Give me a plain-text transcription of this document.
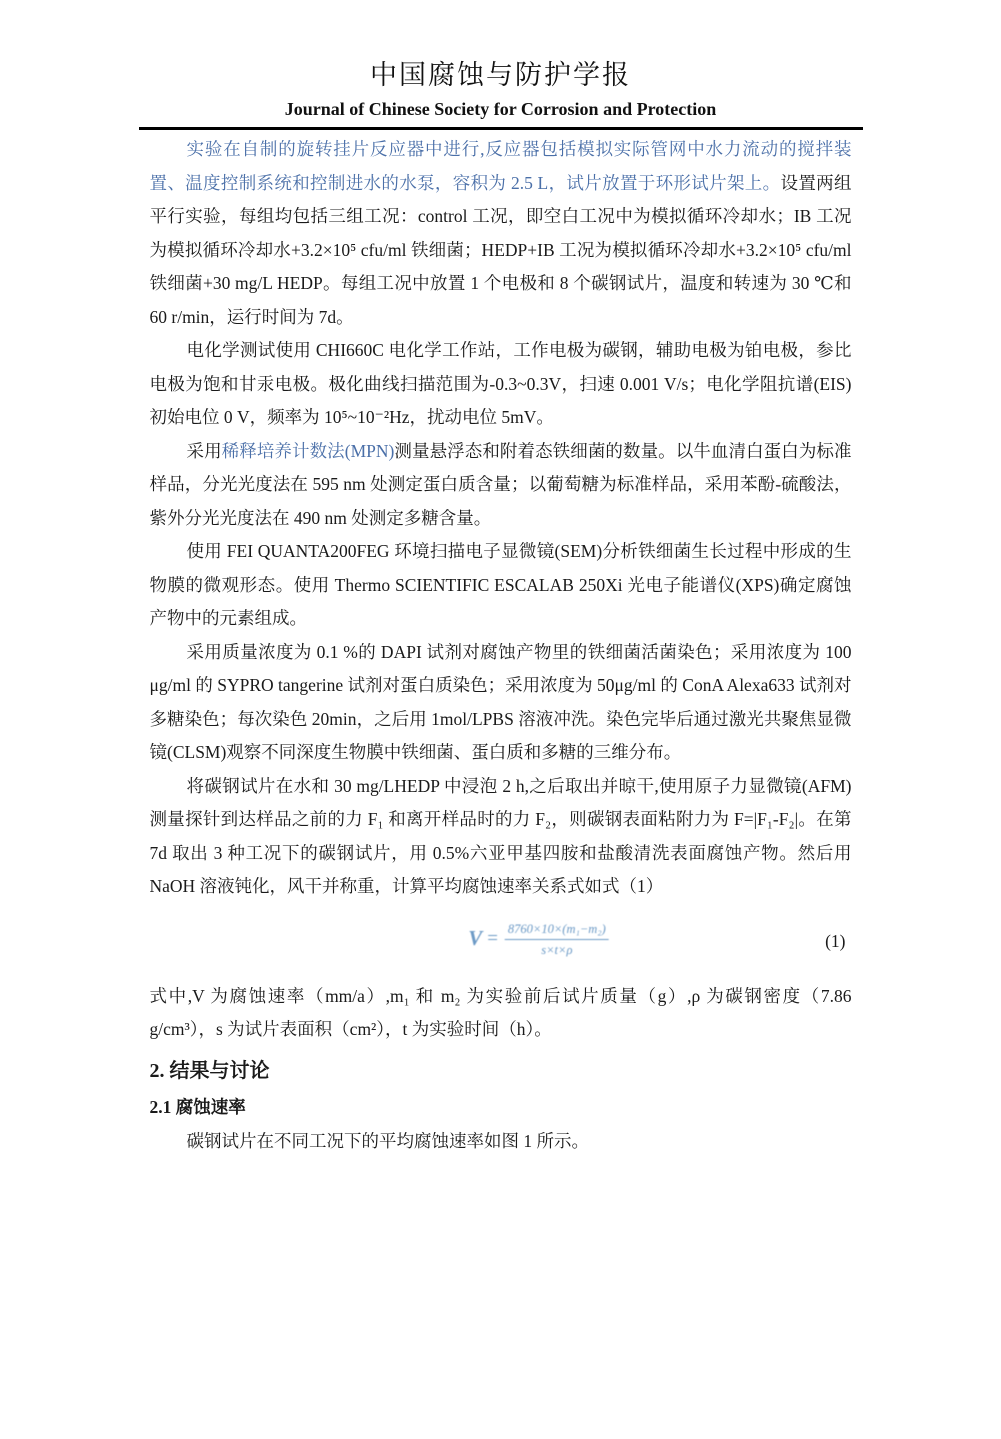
中国腐蚀与防护学报
Journal of Chinese Society for Corrosion and Protection

实验在自制的旋转挂片反应器中进行,反应器包括模拟实际管网中水力流动的搅拌装置、温度控制系统和控制进水的水泵，容积为 2.5 L，试片放置于环形试片架上。设置两组平行实验，每组均包括三组工况：control 工况，即空白工况中为模拟循环冷却水；IB 工况为模拟循环冷却水+3.2×10⁵ cfu/ml 铁细菌；HEDP+IB 工况为模拟循环冷却水+3.2×10⁵ cfu/ml 铁细菌+30 mg/L HEDP。每组工况中放置 1 个电极和 8 个碳钢试片，温度和转速为 30 ℃和 60 r/min，运行时间为 7d。

电化学测试使用 CHI660C 电化学工作站，工作电极为碳钢，辅助电极为铂电极，参比电极为饱和甘汞电极。极化曲线扫描范围为-0.3~0.3V，扫速 0.001 V/s；电化学阻抗谱(EIS)初始电位 0 V，频率为 10⁵~10⁻²Hz，扰动电位 5mV。

采用稀释培养计数法(MPN)测量悬浮态和附着态铁细菌的数量。以牛血清白蛋白为标准样品，分光光度法在 595 nm 处测定蛋白质含量；以葡萄糖为标准样品，采用苯酚-硫酸法，紫外分光光度法在 490 nm 处测定多糖含量。

使用 FEI QUANTA200FEG 环境扫描电子显微镜(SEM)分析铁细菌生长过程中形成的生物膜的微观形态。使用 Thermo SCIENTIFIC ESCALAB 250Xi 光电子能谱仪(XPS)确定腐蚀产物中的元素组成。

采用质量浓度为 0.1 %的 DAPI 试剂对腐蚀产物里的铁细菌活菌染色；采用浓度为 100 μg/ml 的 SYPRO tangerine 试剂对蛋白质染色；采用浓度为 50μg/ml 的 ConA Alexa633 试剂对多糖染色；每次染色 20min，之后用 1mol/LPBS 溶液冲洗。染色完毕后通过激光共聚焦显微镜(CLSM)观察不同深度生物膜中铁细菌、蛋白质和多糖的三维分布。

将碳钢试片在水和 30 mg/LHEDP 中浸泡 2 h,之后取出并晾干,使用原子力显微镜(AFM)测量探针到达样品之前的力 F₁ 和离开样品时的力 F₂，则碳钢表面粘附力为 F=|F₁-F₂|。在第 7d 取出 3 种工况下的碳钢试片，用 0.5%六亚甲基四胺和盐酸清洗表面腐蚀产物。然后用 NaOH 溶液钝化，风干并称重，计算平均腐蚀速率关系式如式（1）

$V = \frac{\text{8760×10×(m₁−m₂)}}{s\times t\times\rho}$	(1)

式中,V 为腐蚀速率（mm/a）,m₁ 和 m₂ 为实验前后试片质量（g）,ρ 为碳钢密度（7.86 g/cm³），s 为试片表面积（cm²），t 为实验时间（h）。

2. 结果与讨论
2.1 腐蚀速率

碳钢试片在不同工况下的平均腐蚀速率如图 1 所示。
